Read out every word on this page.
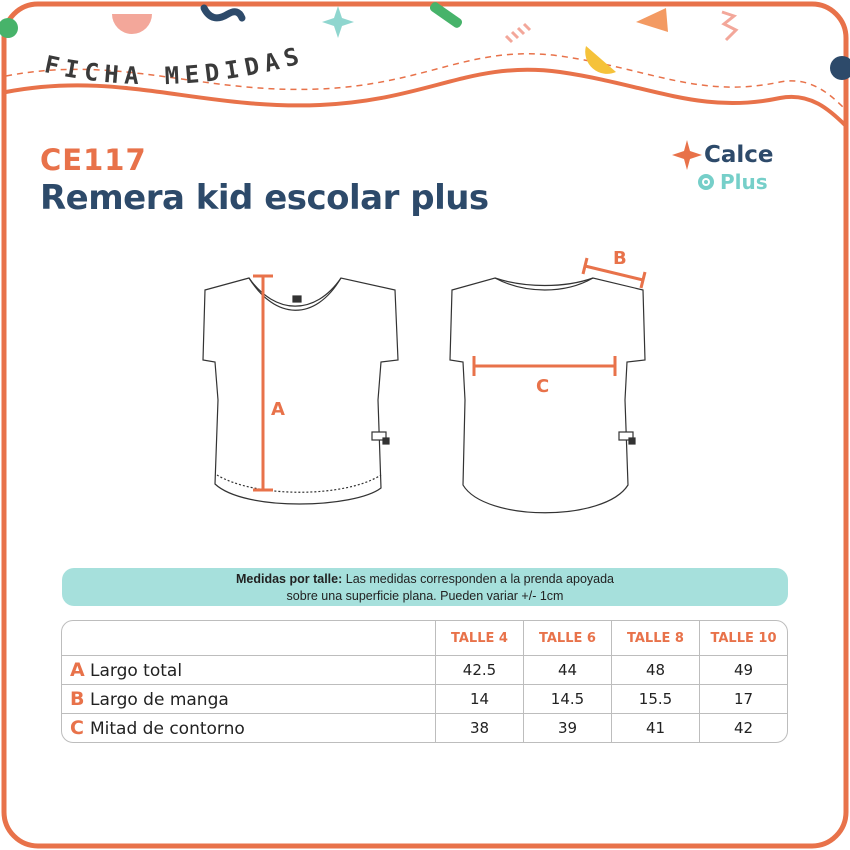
FICHA MEDIDAS
CE117
Remera kid escolar plus
Calce
Plus
A
B
C
Medidas por talle: Las medidas corresponden a la prenda apoyada
sobre una superficie plana. Pueden variar +/- 1cm
	TALLE 4	TALLE 6	TALLE 8	TALLE 10
A Largo total	42.5	44	48	49
B Largo de manga	14	14.5	15.5	17
C Mitad de contorno	38	39	41	42
